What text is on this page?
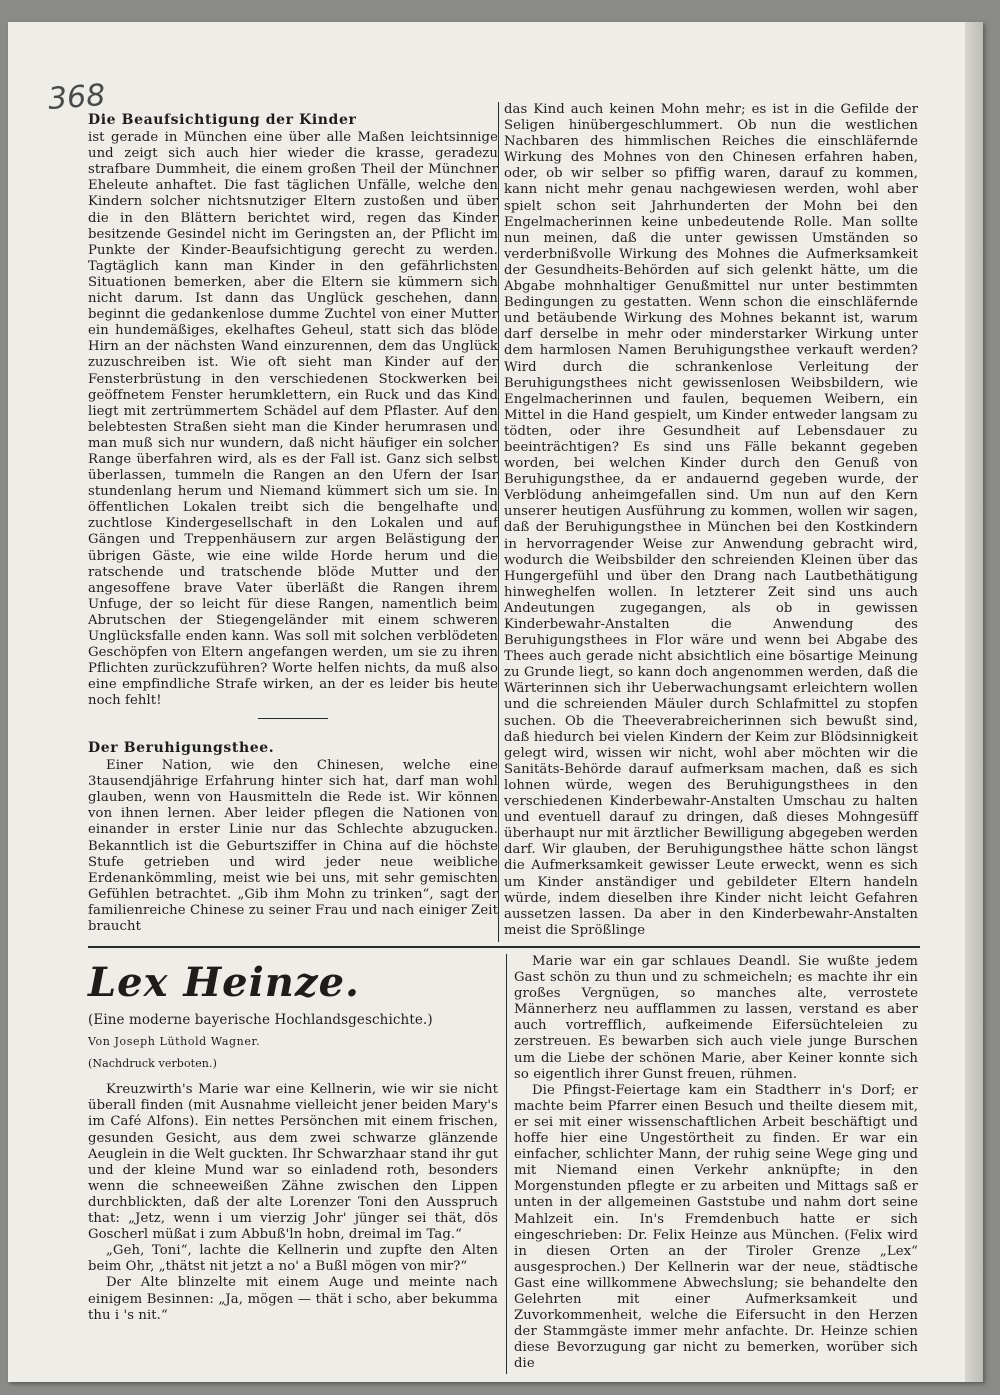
368
Die Beaufsichtigung der Kinder

ist gerade in München eine über alle Maßen leichtsinnige und zeigt sich auch hier wieder die krasse, geradezu strafbare Dummheit, die einem großen Theil der Münchner Eheleute anhaftet. Die fast täglichen Unfälle, welche den Kindern solcher nichtsnutziger Eltern zustoßen und über die in den Blättern berichtet wird, regen das Kinder besitzende Gesindel nicht im Geringsten an, der Pflicht im Punkte der Kinder-Beaufsichtigung gerecht zu werden. Tagtäglich kann man Kinder in den gefährlichsten Situationen bemerken, aber die Eltern sie kümmern sich nicht darum. Ist dann das Unglück geschehen, dann beginnt die gedankenlose dumme Zuchtel von einer Mutter ein hundemäßiges, ekelhaftes Geheul, statt sich das blöde Hirn an der nächsten Wand einzurennen, dem das Unglück zuzuschreiben ist. Wie oft sieht man Kinder auf der Fensterbrüstung in den verschiedenen Stockwerken bei geöffnetem Fenster herumklettern, ein Ruck und das Kind liegt mit zertrümmertem Schädel auf dem Pflaster. Auf den belebtesten Straßen sieht man die Kinder herumrasen und man muß sich nur wundern, daß nicht häufiger ein solcher Range überfahren wird, als es der Fall ist. Ganz sich selbst überlassen, tummeln die Rangen an den Ufern der Isar stundenlang herum und Niemand kümmert sich um sie. In öffentlichen Lokalen treibt sich die bengelhafte und zuchtlose Kindergesellschaft in den Lokalen und auf Gängen und Treppenhäusern zur argen Belästigung der übrigen Gäste, wie eine wilde Horde herum und die ratschende und tratschende blöde Mutter und der angesoffene brave Vater überläßt die Rangen ihrem Unfuge, der so leicht für diese Rangen, namentlich beim Abrutschen der Stiegengeländer mit einem schweren Unglücksfalle enden kann. Was soll mit solchen verblödeten Geschöpfen von Eltern angefangen werden, um sie zu ihren Pflichten zurückzuführen? Worte helfen nichts, da muß also eine empfindliche Strafe wirken, an der es leider bis heute noch fehlt!

Der Beruhigungsthee.

Einer Nation, wie den Chinesen, welche eine 3tausendjährige Erfahrung hinter sich hat, darf man wohl glauben, wenn von Hausmitteln die Rede ist. Wir können von ihnen lernen. Aber leider pflegen die Nationen von einander in erster Linie nur das Schlechte abzugucken. Bekanntlich ist die Geburtsziffer in China auf die höchste Stufe getrieben und wird jeder neue weibliche Erdenankömmling, meist wie bei uns, mit sehr gemischten Gefühlen betrachtet. „Gib ihm Mohn zu trinken“, sagt der familienreiche Chinese zu seiner Frau und nach einiger Zeit braucht

das Kind auch keinen Mohn mehr; es ist in die Gefilde der Seligen hinübergeschlummert. Ob nun die westlichen Nachbaren des himmlischen Reiches die einschläfernde Wirkung des Mohnes von den Chinesen erfahren haben, oder, ob wir selber so pfiffig waren, darauf zu kommen, kann nicht mehr genau nachgewiesen werden, wohl aber spielt schon seit Jahrhunderten der Mohn bei den Engelmacherinnen keine unbedeutende Rolle. Man sollte nun meinen, daß die unter gewissen Umständen so verderbnißvolle Wirkung des Mohnes die Aufmerksamkeit der Gesundheits-Behörden auf sich gelenkt hätte, um die Abgabe mohnhaltiger Genußmittel nur unter bestimmten Bedingungen zu gestatten. Wenn schon die einschläfernde und betäubende Wirkung des Mohnes bekannt ist, warum darf derselbe in mehr oder minderstarker Wirkung unter dem harmlosen Namen Beruhigungsthee verkauft werden? Wird durch die schrankenlose Verleitung der Beruhigungsthees nicht gewissenlosen Weibsbildern, wie Engelmacherinnen und faulen, bequemen Weibern, ein Mittel in die Hand gespielt, um Kinder entweder langsam zu tödten, oder ihre Gesundheit auf Lebensdauer zu beeinträchtigen? Es sind uns Fälle bekannt gegeben worden, bei welchen Kinder durch den Genuß von Beruhigungsthee, da er andauernd gegeben wurde, der Verblödung anheimgefallen sind. Um nun auf den Kern unserer heutigen Ausführung zu kommen, wollen wir sagen, daß der Beruhigungsthee in München bei den Kostkindern in hervorragender Weise zur Anwendung gebracht wird, wodurch die Weibsbilder den schreienden Kleinen über das Hungergefühl und über den Drang nach Lautbethätigung hinweghelfen wollen. In letzterer Zeit sind uns auch Andeutungen zugegangen, als ob in gewissen Kinderbewahr-Anstalten die Anwendung des Beruhigungsthees in Flor wäre und wenn bei Abgabe des Thees auch gerade nicht absichtlich eine bösartige Meinung zu Grunde liegt, so kann doch angenommen werden, daß die Wärterinnen sich ihr Ueberwachungsamt erleichtern wollen und die schreienden Mäuler durch Schlafmittel zu stopfen suchen. Ob die Theeverabreicherinnen sich bewußt sind, daß hiedurch bei vielen Kindern der Keim zur Blödsinnigkeit gelegt wird, wissen wir nicht, wohl aber möchten wir die Sanitäts-Behörde darauf aufmerksam machen, daß es sich lohnen würde, wegen des Beruhigungsthees in den verschiedenen Kinderbewahr-Anstalten Umschau zu halten und eventuell darauf zu dringen, daß dieses Mohngesüff überhaupt nur mit ärztlicher Bewilligung abgegeben werden darf. Wir glauben, der Beruhigungsthee hätte schon längst die Aufmerksamkeit gewisser Leute erweckt, wenn es sich um Kinder anständiger und gebildeter Eltern handeln würde, indem dieselben ihre Kinder nicht leicht Gefahren aussetzen lassen. Da aber in den Kinderbewahr-Anstalten meist die Sprößlinge

Lex Heinze.
(Eine moderne bayerische Hochlandsgeschichte.)
Von Joseph Lüthold Wagner.
(Nachdruck verboten.)

Kreuzwirth's Marie war eine Kellnerin, wie wir sie nicht überall finden (mit Ausnahme vielleicht jener beiden Mary's im Café Alfons). Ein nettes Persönchen mit einem frischen, gesunden Gesicht, aus dem zwei schwarze glänzende Aeuglein in die Welt guckten. Ihr Schwarzhaar stand ihr gut und der kleine Mund war so einladend roth, besonders wenn die schneeweißen Zähne zwischen den Lippen durchblickten, daß der alte Lorenzer Toni den Ausspruch that: „Jetz, wenn i um vierzig Johr' jünger sei thät, dös Goscherl müßat i zum Abbuß'ln hobn, dreimal im Tag.“

„Geh, Toni“, lachte die Kellnerin und zupfte den Alten beim Ohr, „thätst nit jetzt a no' a Bußl mögen von mir?“

Der Alte blinzelte mit einem Auge und meinte nach einigem Besinnen: „Ja, mögen — thät i scho, aber bekumma thu i 's nit.“

Marie war ein gar schlaues Deandl. Sie wußte jedem Gast schön zu thun und zu schmeicheln; es machte ihr ein großes Vergnügen, so manches alte, verrostete Männerherz neu aufflammen zu lassen, verstand es aber auch vortrefflich, aufkeimende Eifersüchteleien zu zerstreuen. Es bewarben sich auch viele junge Burschen um die Liebe der schönen Marie, aber Keiner konnte sich so eigentlich ihrer Gunst freuen, rühmen.

Die Pfingst-Feiertage kam ein Stadtherr in's Dorf; er machte beim Pfarrer einen Besuch und theilte diesem mit, er sei mit einer wissenschaftlichen Arbeit beschäftigt und hoffe hier eine Ungestörtheit zu finden. Er war ein einfacher, schlichter Mann, der ruhig seine Wege ging und mit Niemand einen Verkehr anknüpfte; in den Morgenstunden pflegte er zu arbeiten und Mittags saß er unten in der allgemeinen Gaststube und nahm dort seine Mahlzeit ein. In's Fremdenbuch hatte er sich eingeschrieben: Dr. Felix Heinze aus München. (Felix wird in diesen Orten an der Tiroler Grenze „Lex“ ausgesprochen.) Der Kellnerin war der neue, städtische Gast eine willkommene Abwechslung; sie behandelte den Gelehrten mit einer Aufmerksamkeit und Zuvorkommenheit, welche die Eifersucht in den Herzen der Stammgäste immer mehr anfachte. Dr. Heinze schien diese Bevorzugung gar nicht zu bemerken, worüber sich die
